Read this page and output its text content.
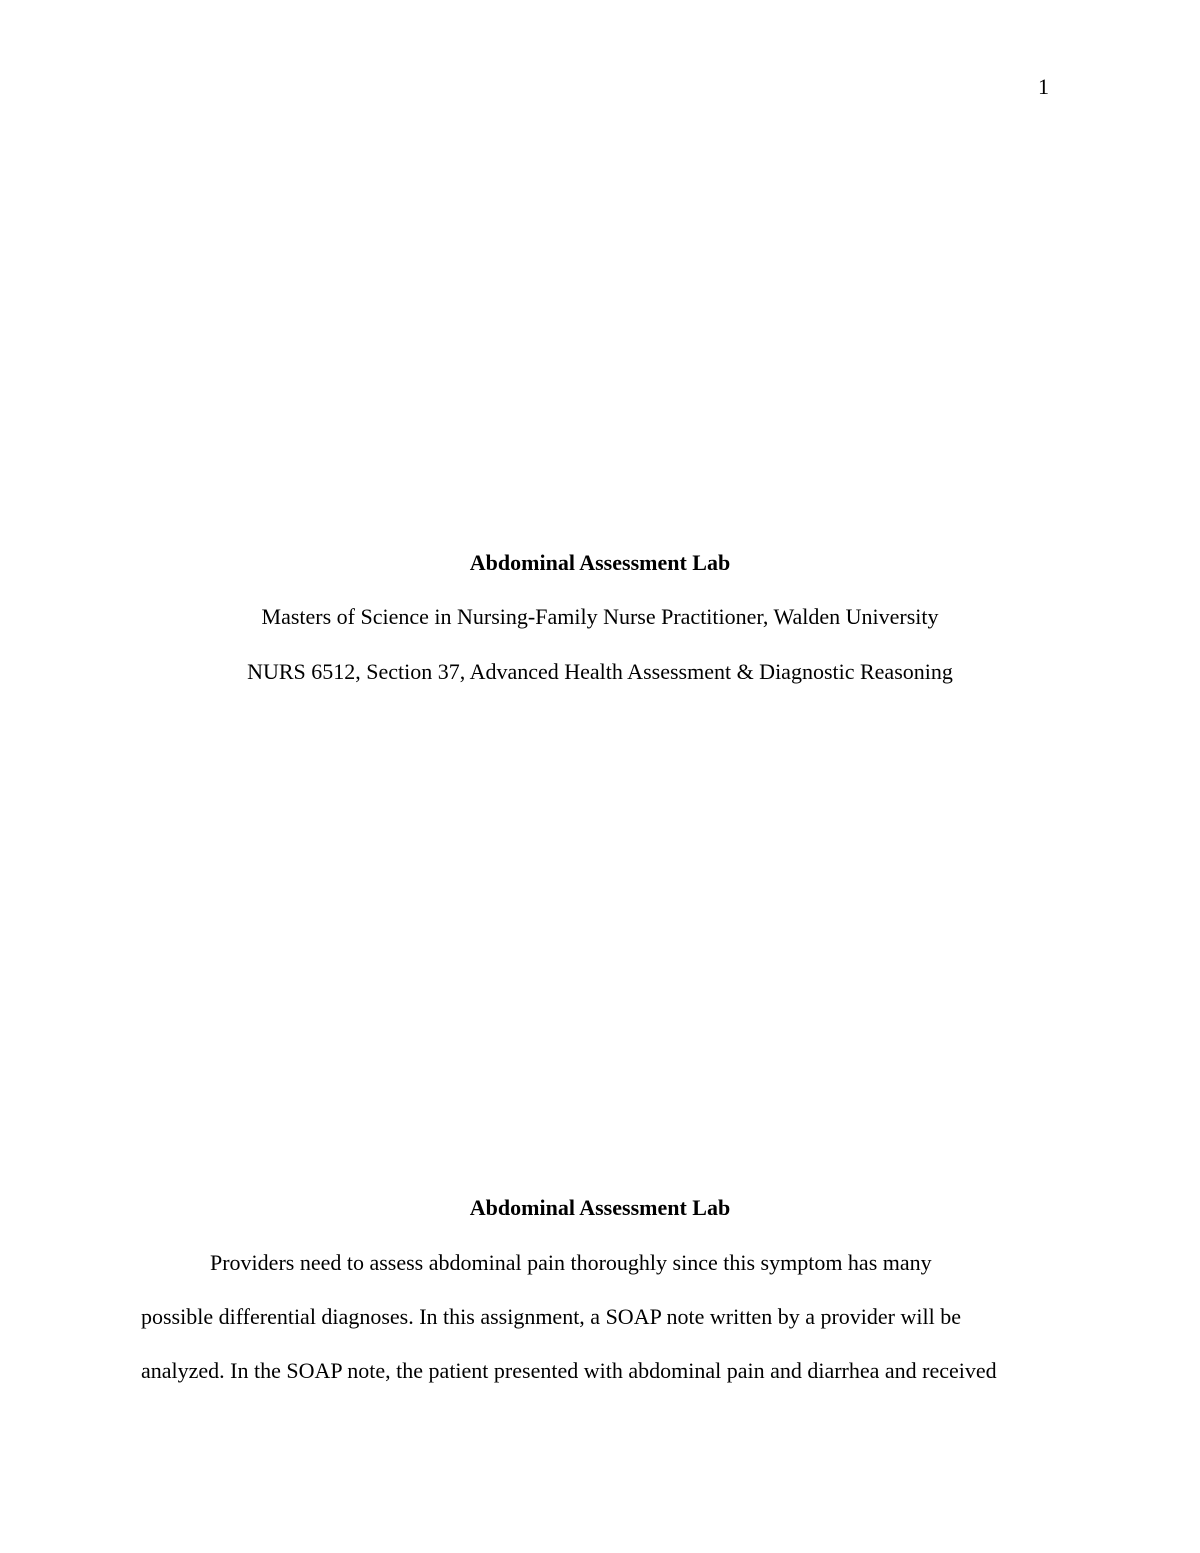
1
Abdominal Assessment Lab
Masters of Science in Nursing-Family Nurse Practitioner, Walden University
NURS 6512, Section 37, Advanced Health Assessment & Diagnostic Reasoning
Abdominal Assessment Lab
Providers need to assess abdominal pain thoroughly since this symptom has many
possible differential diagnoses. In this assignment, a SOAP note written by a provider will be
analyzed. In the SOAP note, the patient presented with abdominal pain and diarrhea and received
